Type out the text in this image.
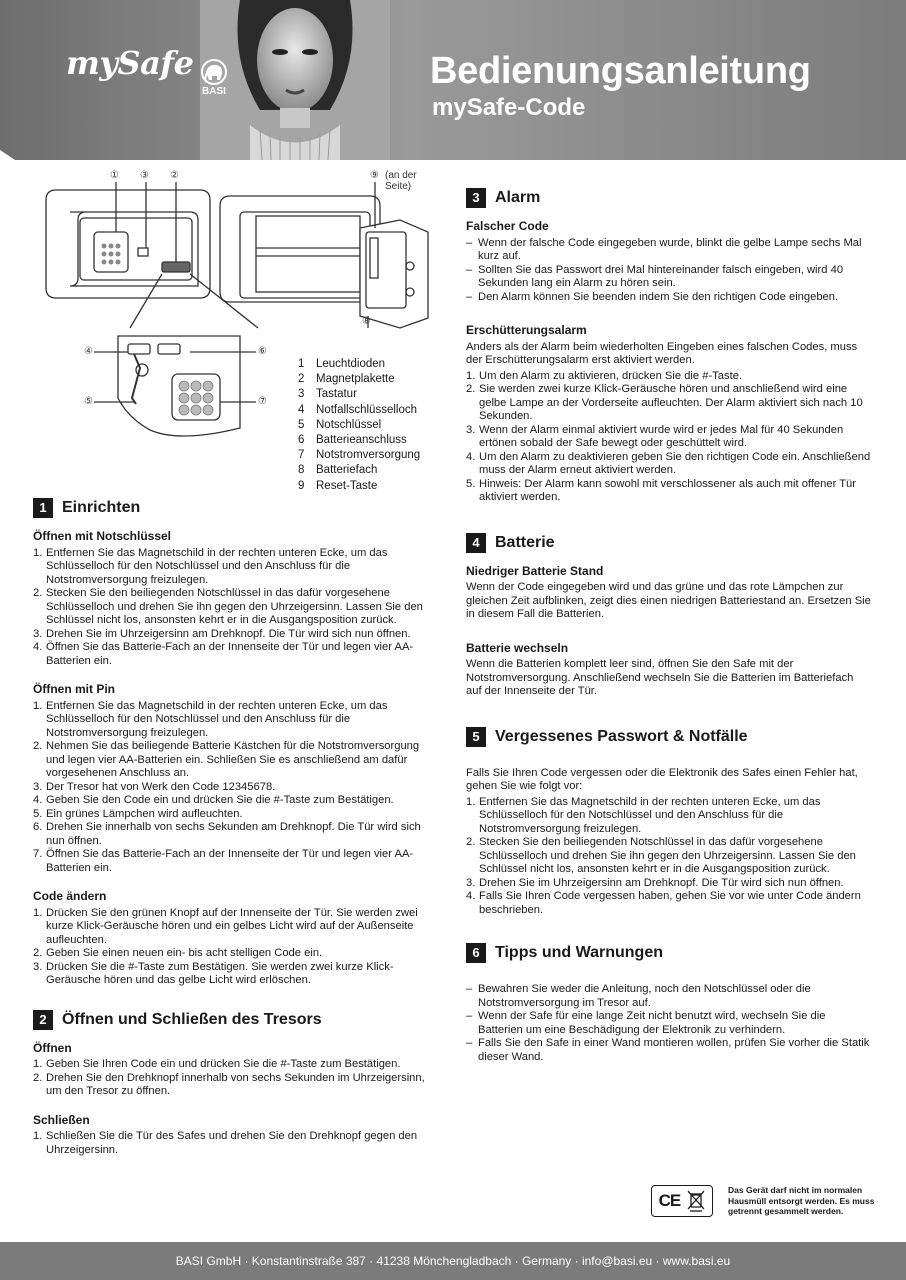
mySafe
BASI	Bedienungsanleitung
mySafe-Code
① ③ ②	⑨ (an der Seite)
④	⑥
⑤	⑦
⑧
1	Leuchtdioden
2	Magnetplakette
3	Tastatur
4	Notfallschlüsselloch
5	Notschlüssel
6	Batterieanschluss
7	Notstromversorgung
8	Batteriefach
9	Reset-Taste
1 Einrichten
Öffnen mit Notschlüssel
1. Entfernen Sie das Magnetschild in der rechten unteren Ecke, um das Schlüsselloch für den Notschlüssel und den Anschluss für die Notstromversorgung freizulegen.
2. Stecken Sie den beiliegenden Notschlüssel in das dafür vorgesehene Schlüsselloch und drehen Sie ihn gegen den Uhrzeigersinn. Lassen Sie den Schlüssel nicht los, ansonsten kehrt er in die Ausgangsposition zurück.
3. Drehen Sie im Uhrzeigersinn am Drehknopf. Die Tür wird sich nun öffnen.
4. Öffnen Sie das Batterie-Fach an der Innenseite der Tür und legen vier AA-Batterien ein.
Öffnen mit Pin
1. Entfernen Sie das Magnetschild in der rechten unteren Ecke, um das Schlüsselloch für den Notschlüssel und den Anschluss für die Notstromversorgung freizulegen.
2. Nehmen Sie das beiliegende Batterie Kästchen für die Notstromversorgung und legen vier AA-Batterien ein. Schließen Sie es anschließend am dafür vorgesehenen Anschluss an.
3. Der Tresor hat von Werk den Code 12345678.
4. Geben Sie den Code ein und drücken Sie die #-Taste zum Bestätigen.
5. Ein grünes Lämpchen wird aufleuchten.
6. Drehen Sie innerhalb von sechs Sekunden am Drehknopf. Die Tür wird sich nun öffnen.
7. Öffnen Sie das Batterie-Fach an der Innenseite der Tür und legen vier AA-Batterien ein.
Code ändern
1. Drücken Sie den grünen Knopf auf der Innenseite der Tür. Sie werden zwei kurze Klick-Geräusche hören und ein gelbes Licht wird auf der Außenseite aufleuchten.
2. Geben Sie einen neuen ein- bis acht stelligen Code ein.
3. Drücken Sie die #-Taste zum Bestätigen. Sie werden zwei kurze Klick-Geräusche hören und das gelbe Licht wird erlöschen.
2 Öffnen und Schließen des Tresors
Öffnen
1. Geben Sie Ihren Code ein und drücken Sie die #-Taste zum Bestätigen.
2. Drehen Sie den Drehknopf innerhalb von sechs Sekunden im Uhrzeigersinn, um den Tresor zu öffnen.
Schließen
1. Schließen Sie die Tür des Safes und drehen Sie den Drehknopf gegen den Uhrzeigersinn.
3 Alarm
Falscher Code
– Wenn der falsche Code eingegeben wurde, blinkt die gelbe Lampe sechs Mal kurz auf.
– Sollten Sie das Passwort drei Mal hintereinander falsch eingeben, wird 40 Sekunden lang ein Alarm zu hören sein.
– Den Alarm können Sie beenden indem Sie den richtigen Code eingeben.
Erschütterungsalarm
Anders als der Alarm beim wiederholten Eingeben eines falschen Codes, muss der Erschütterungsalarm erst aktiviert werden.
1. Um den Alarm zu aktivieren, drücken Sie die #-Taste.
2. Sie werden zwei kurze Klick-Geräusche hören und anschließend wird eine gelbe Lampe an der Vorderseite aufleuchten. Der Alarm aktiviert sich nach 10 Sekunden.
3. Wenn der Alarm einmal aktiviert wurde wird er jedes Mal für 40 Sekunden ertönen sobald der Safe bewegt oder geschüttelt wird.
4. Um den Alarm zu deaktivieren geben Sie den richtigen Code ein. Anschließend muss der Alarm erneut aktiviert werden.
5. Hinweis: Der Alarm kann sowohl mit verschlossener als auch mit offener Tür aktiviert werden.
4 Batterie
Niedriger Batterie Stand
Wenn der Code eingegeben wird und das grüne und das rote Lämpchen zur gleichen Zeit aufblinken, zeigt dies einen niedrigen Batteriestand an. Ersetzen Sie in diesem Fall die Batterien.
Batterie wechseln
Wenn die Batterien komplett leer sind, öffnen Sie den Safe mit der Notstromversorgung. Anschließend wechseln Sie die Batterien im Batteriefach auf der Innenseite der Tür.
5 Vergessenes Passwort & Notfälle
Falls Sie Ihren Code vergessen oder die Elektronik des Safes einen Fehler hat, gehen Sie wie folgt vor:
1. Entfernen Sie das Magnetschild in der rechten unteren Ecke, um das Schlüsselloch für den Notschlüssel und den Anschluss für die Notstromversorgung freizulegen.
2. Stecken Sie den beiliegenden Notschlüssel in das dafür vorgesehene Schlüsselloch und drehen Sie ihn gegen den Uhrzeigersinn. Lassen Sie den Schlüssel nicht los, ansonsten kehrt er in die Ausgangsposition zurück.
3. Drehen Sie im Uhrzeigersinn am Drehknopf. Die Tür wird sich nun öffnen.
4. Falls Sie Ihren Code vergessen haben, gehen Sie vor wie unter Code ändern beschrieben.
6 Tipps und Warnungen
– Bewahren Sie weder die Anleitung, noch den Notschlüssel oder die Notstromversorgung im Tresor auf.
– Wenn der Safe für eine lange Zeit nicht benutzt wird, wechseln Sie die Batterien um eine Beschädigung der Elektronik zu verhindern.
– Falls Sie den Safe in einer Wand montieren wollen, prüfen Sie vorher die Statik dieser Wand.
CE
Das Gerät darf nicht im normalen Hausmüll entsorgt werden. Es muss getrennt gesammelt werden.
BASI GmbH · Konstantinstraße 387 · 41238 Mönchengladbach · Germany · info@basi.eu · www.basi.eu
